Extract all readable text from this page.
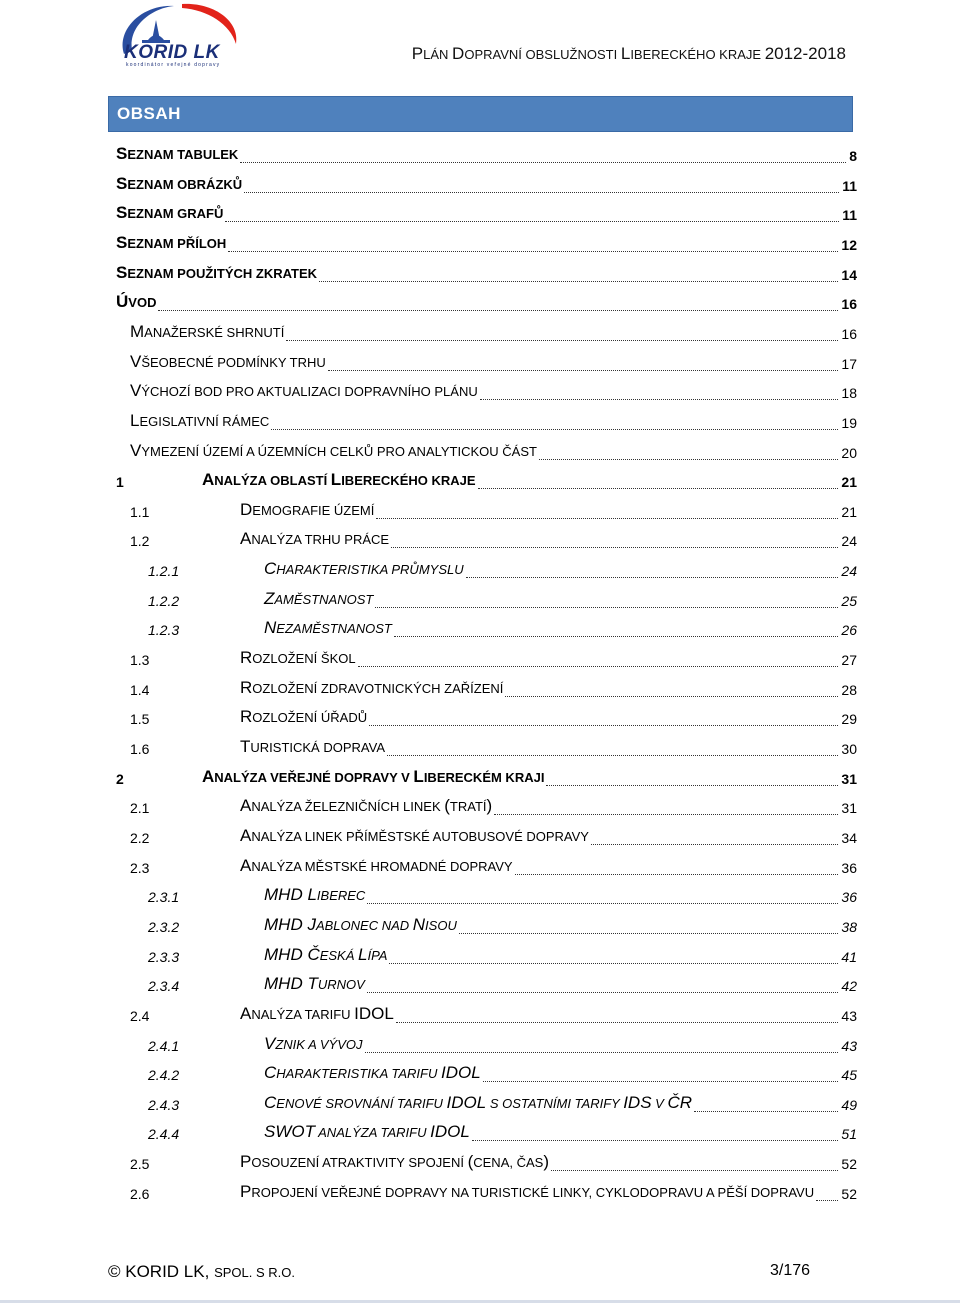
KORID LK
koordinátor veřejné dopravy
PLÁN DOPRAVNÍ OBSLUŽNOSTI LIBERECKÉHO KRAJE 2012-2018
OBSAH
SEZNAM TABULEK	8
SEZNAM OBRÁZKŮ	11
SEZNAM GRAFŮ	11
SEZNAM PŘÍLOH	12
SEZNAM POUŽITÝCH ZKRATEK	14
ÚVOD	16
MANAŽERSKÉ SHRNUTÍ	16
VŠEOBECNÉ PODMÍNKY TRHU	17
VÝCHOZÍ BOD PRO AKTUALIZACI DOPRAVNÍHO PLÁNU	18
LEGISLATIVNÍ RÁMEC	19
VYMEZENÍ ÚZEMÍ A ÚZEMNÍCH CELKŮ PRO ANALYTICKOU ČÁST	20
1	ANALÝZA OBLASTÍ LIBERECKÉHO KRAJE	21
1.1	DEMOGRAFIE ÚZEMÍ	21
1.2	ANALÝZA TRHU PRÁCE	24
1.2.1	CHARAKTERISTIKA PRŮMYSLU	24
1.2.2	ZAMĚSTNANOST	25
1.2.3	NEZAMĚSTNANOST	26
1.3	ROZLOŽENÍ ŠKOL	27
1.4	ROZLOŽENÍ ZDRAVOTNICKÝCH ZAŘÍZENÍ	28
1.5	ROZLOŽENÍ ÚŘADŮ	29
1.6	TURISTICKÁ DOPRAVA	30
2	ANALÝZA VEŘEJNÉ DOPRAVY V LIBERECKÉM KRAJI	31
2.1	ANALÝZA ŽELEZNIČNÍCH LINEK (TRATÍ)	31
2.2	ANALÝZA LINEK PŘÍMĚSTSKÉ AUTOBUSOVÉ DOPRAVY	34
2.3	ANALÝZA MĚSTSKÉ HROMADNÉ DOPRAVY	36
2.3.1	MHD LIBEREC	36
2.3.2	MHD JABLONEC NAD NISOU	38
2.3.3	MHD ČESKÁ LÍPA	41
2.3.4	MHD TURNOV	42
2.4	ANALÝZA TARIFU IDOL	43
2.4.1	VZNIK A VÝVOJ	43
2.4.2	CHARAKTERISTIKA TARIFU IDOL	45
2.4.3	CENOVÉ SROVNÁNÍ TARIFU IDOL S OSTATNÍMI TARIFY IDS V ČR	49
2.4.4	SWOT ANALÝZA TARIFU IDOL	51
2.5	POSOUZENÍ ATRAKTIVITY SPOJENÍ (CENA, ČAS)	52
2.6	PROPOJENÍ VEŘEJNÉ DOPRAVY NA TURISTICKÉ LINKY, CYKLODOPRAVU A PĚŠÍ DOPRAVU 52
© KORID LK, SPOL. S R.O.	3/176
